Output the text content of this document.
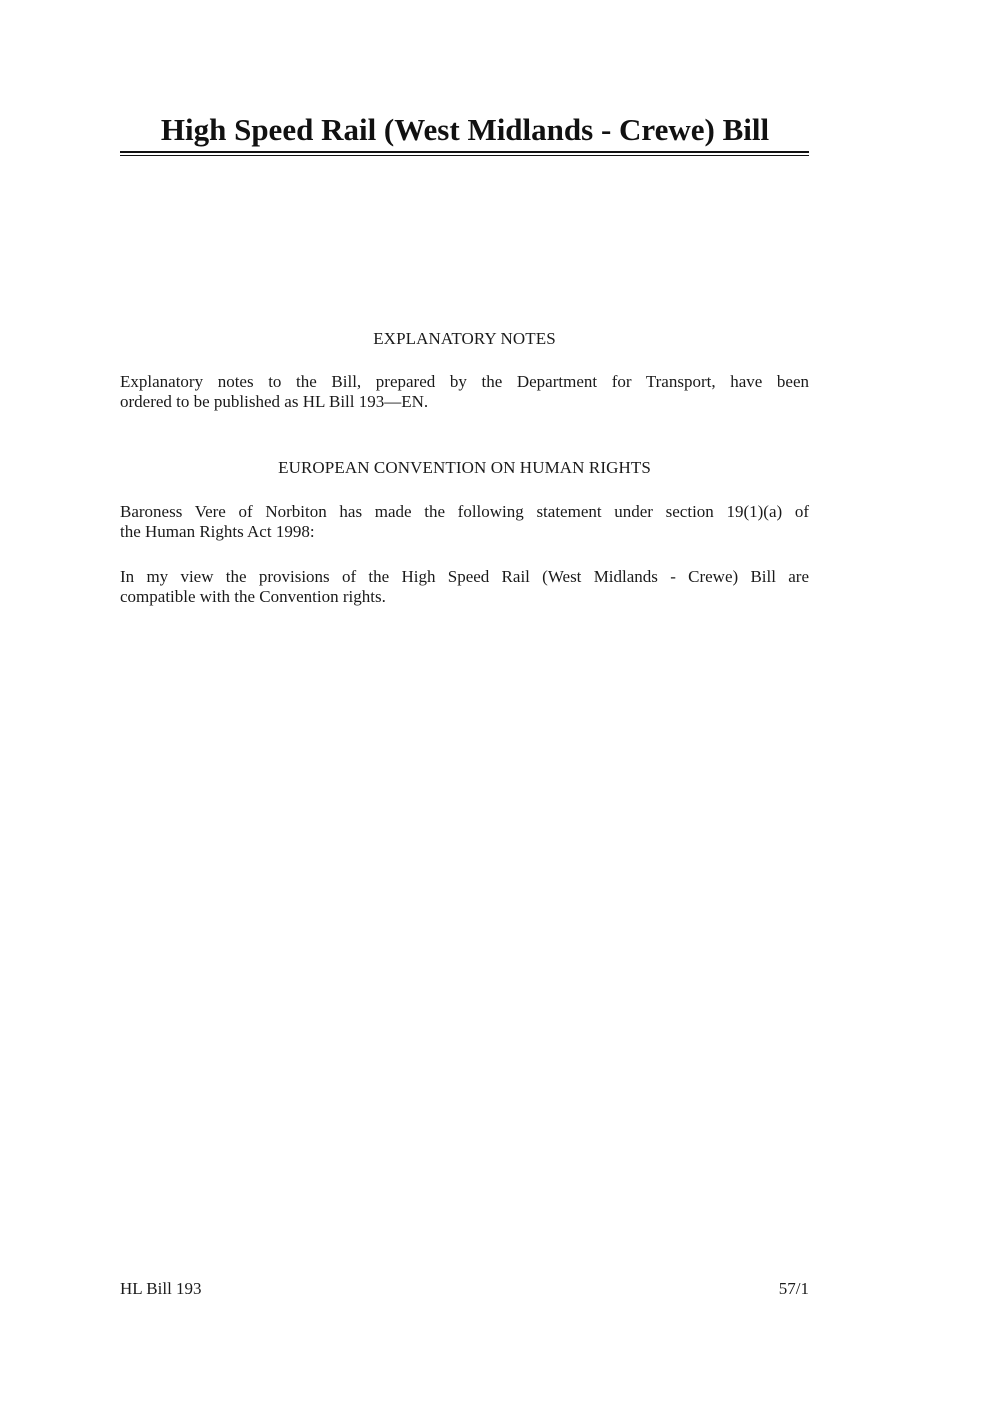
High Speed Rail (West Midlands - Crewe) Bill
EXPLANATORY NOTES
Explanatory notes to the Bill, prepared by the Department for Transport, have been
ordered to be published as HL Bill 193—EN.
EUROPEAN CONVENTION ON HUMAN RIGHTS
Baroness Vere of Norbiton has made the following statement under section 19(1)(a) of
the Human Rights Act 1998:
In my view the provisions of the High Speed Rail (West Midlands - Crewe) Bill are
compatible with the Convention rights.
HL Bill 193	57/1
